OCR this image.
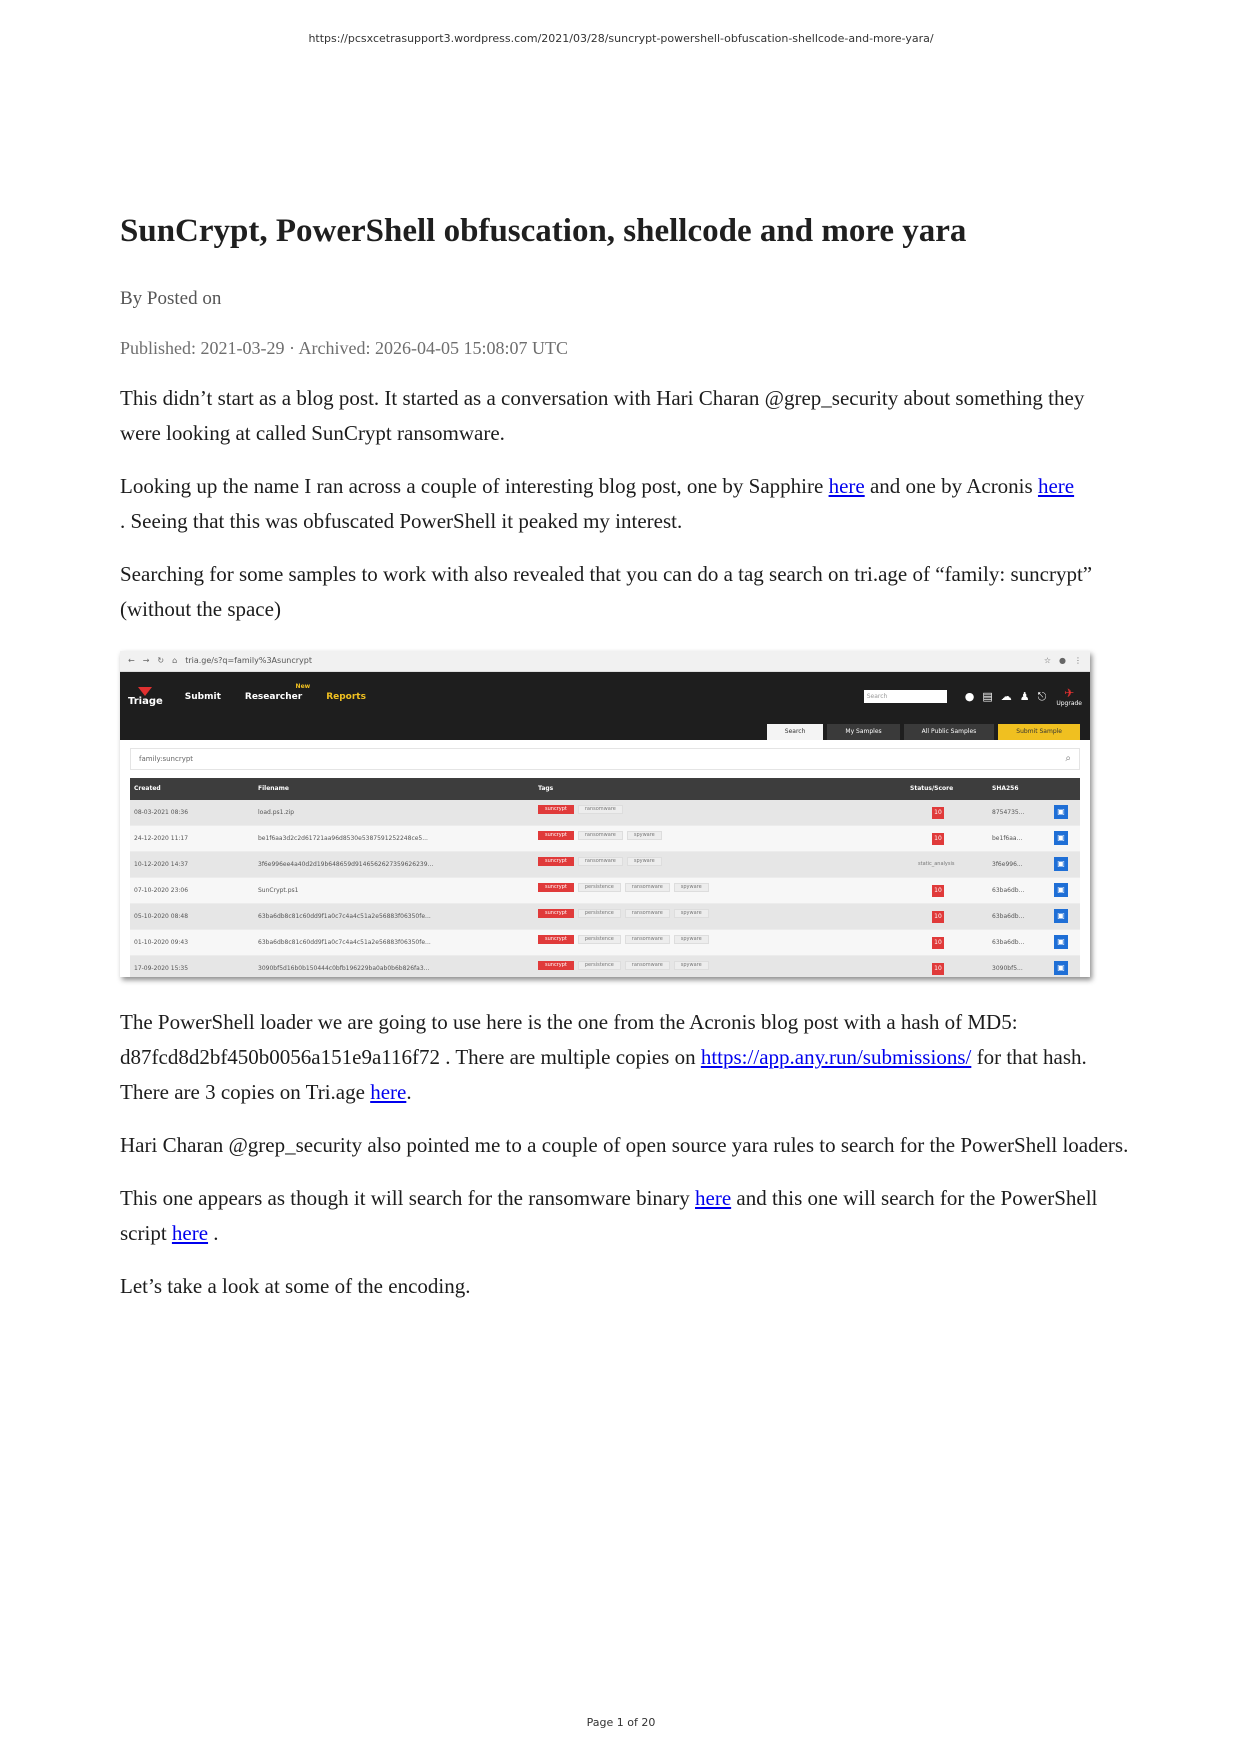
https://pcsxcetrasupport3.wordpress.com/2021/03/28/suncrypt-powershell-obfuscation-shellcode-and-more-yara/
SunCrypt, PowerShell obfuscation, shellcode and more yara
By Posted on
Published: 2021-03-29 · Archived: 2026-04-05 15:08:07 UTC

This didn’t start as a blog post. It started as a conversation with Hari Charan @grep_security about something they were looking at called SunCrypt ransomware.

Looking up the name I ran across a couple of interesting blog post, one by Sapphire here and one by Acronis here
. Seeing that this was obfuscated PowerShell it peaked my interest.

Searching for some samples to work with also revealed that you can do a tag search on tri.age of “family: suncrypt” (without the space)

← → ↻ ⌂ tria.ge/s?q=family%3Asuncrypt	☆ ● ⋮
Triage Submit	Researcher
New
Reports	Search	● ▤ ☁ ♟ ⎋ ✈
Upgrade
Search	My Samples	All Public Samples	Submit Sample
family:suncrypt	⌕
Created	Filename	Tags	Status/Score	SHA256
08-03-2021 08:36	load.ps1.zip	suncrypt	ransomware	10	8754735...	▣
24-12-2020 11:17	be1f6aa3d2c2d61721aa96d8530e5387591252248ce5...	suncrypt	ransomware	spyware	10	be1f6aa...	▣
10-12-2020 14:37	3f6e996ee4a40d2d19b648659d9146562627359626239...	suncrypt	ransomware	spyware	static_analysis	3f6e996...	▣
07-10-2020 23:06	SunCrypt.ps1	suncrypt	persistence	ransomware	spyware	10	63ba6db...	▣
05-10-2020 08:48	63ba6db8c81c60dd9f1a0c7c4a4c51a2e56883f06350fe...	suncrypt	persistence	ransomware	spyware	10	63ba6db...	▣
01-10-2020 09:43	63ba6db8c81c60dd9f1a0c7c4a4c51a2e56883f06350fe...	suncrypt	persistence	ransomware	spyware	10	63ba6db...	▣
17-09-2020 15:35	3090bf5d16b0b150444c0bfb196229ba0ab0b6b826fa3...	suncrypt	persistence	ransomware	spyware	10	3090bf5...	▣

The PowerShell loader we are going to use here is the one from the Acronis blog post with a hash of MD5: d87fcd8d2bf450b0056a151e9a116f72 . There are multiple copies on https://app.any.run/submissions/ for that hash. There are 3 copies on Tri.age here.

Hari Charan @grep_security also pointed me to a couple of open source yara rules to search for the PowerShell loaders.

This one appears as though it will search for the ransomware binary here and this one will search for the PowerShell script here .

Let’s take a look at some of the encoding.

Page 1 of 20
